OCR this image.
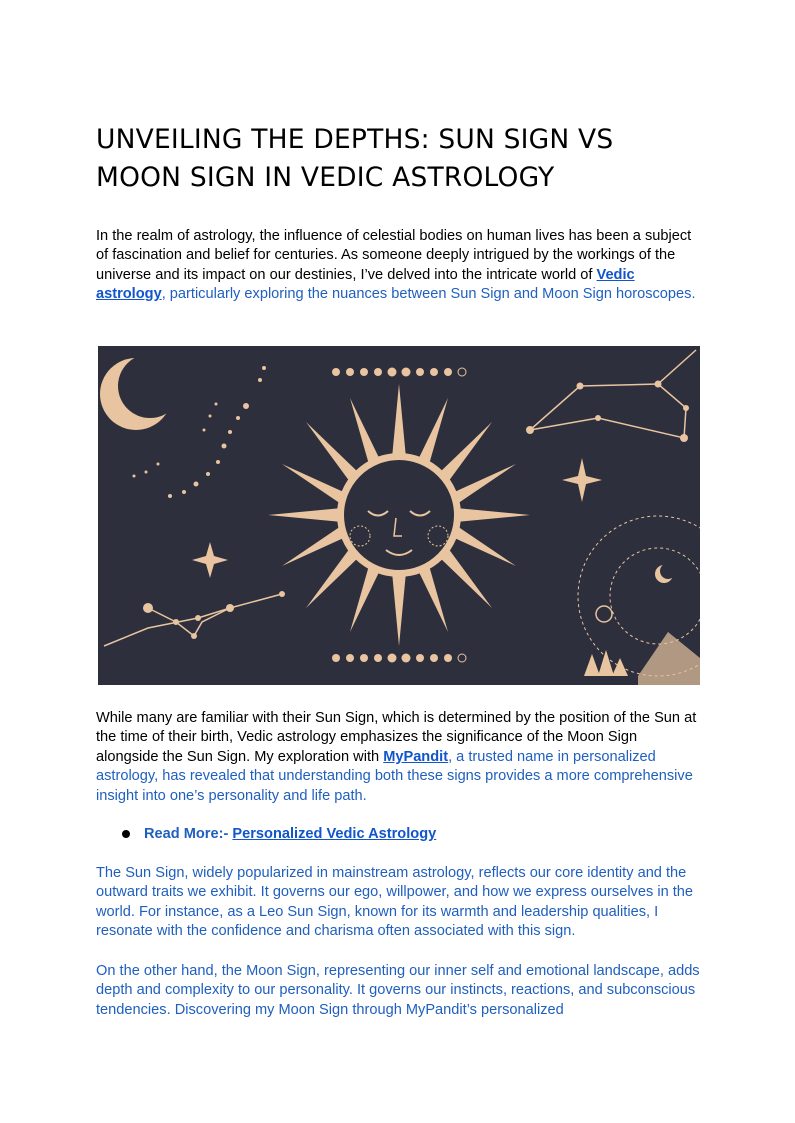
UNVEILING THE DEPTHS: SUN SIGN VS MOON SIGN IN VEDIC ASTROLOGY

In the realm of astrology, the influence of celestial bodies on human lives has been a subject of fascination and belief for centuries. As someone deeply intrigued by the workings of the universe and its impact on our destinies, I’ve delved into the intricate world of Vedic astrology, particularly exploring the nuances between Sun Sign and Moon Sign horoscopes.

While many are familiar with their Sun Sign, which is determined by the position of the Sun at the time of their birth, Vedic astrology emphasizes the significance of the Moon Sign alongside the Sun Sign. My exploration with MyPandit, a trusted name in personalized astrology, has revealed that understanding both these signs provides a more comprehensive insight into one’s personality and life path.

Read More:- Personalized Vedic Astrology

The Sun Sign, widely popularized in mainstream astrology, reflects our core identity and the outward traits we exhibit. It governs our ego, willpower, and how we express ourselves in the world. For instance, as a Leo Sun Sign, known for its warmth and leadership qualities, I resonate with the confidence and charisma often associated with this sign.

On the other hand, the Moon Sign, representing our inner self and emotional landscape, adds depth and complexity to our personality. It governs our instincts, reactions, and subconscious tendencies. Discovering my Moon Sign through MyPandit’s personalized
